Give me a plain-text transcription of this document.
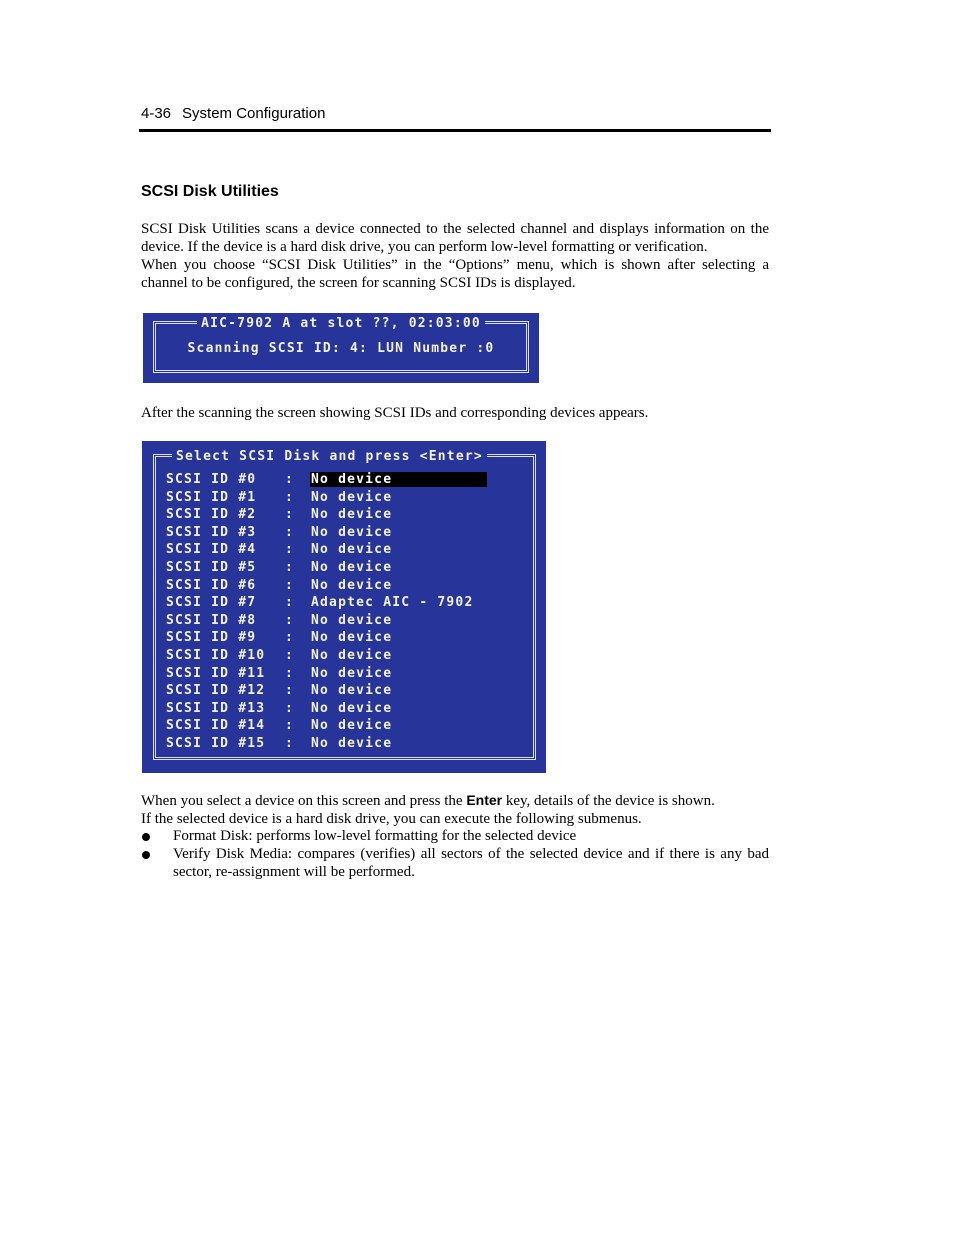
4-36 System Configuration
SCSI Disk Utilities
SCSI Disk Utilities scans a device connected to the selected channel and displays information on the device. If the device is a hard disk drive, you can perform low-level formatting or verification.
When you choose “SCSI Disk Utilities” in the “Options” menu, which is shown after selecting a channel to be configured, the screen for scanning SCSI IDs is displayed.
AIC-7902 A at slot ??, 02:03:00
Scanning SCSI ID: 4: LUN Number :0
After the scanning the screen showing SCSI IDs and corresponding devices appears.
Select SCSI Disk and press <Enter>
SCSI ID #0 : No device
SCSI ID #1 : No device
SCSI ID #2 : No device
SCSI ID #3 : No device
SCSI ID #4 : No device
SCSI ID #5 : No device
SCSI ID #6 : No device
SCSI ID #7 : Adaptec AIC - 7902
SCSI ID #8 : No device
SCSI ID #9 : No device
SCSI ID #10 : No device
SCSI ID #11 : No device
SCSI ID #12 : No device
SCSI ID #13 : No device
SCSI ID #14 : No device
SCSI ID #15 : No device
When you select a device on this screen and press the Enter key, details of the device is shown.
If the selected device is a hard disk drive, you can execute the following submenus.
Format Disk: performs low-level formatting for the selected device
Verify Disk Media: compares (verifies) all sectors of the selected device and if there is any bad sector, re-assignment will be performed.
